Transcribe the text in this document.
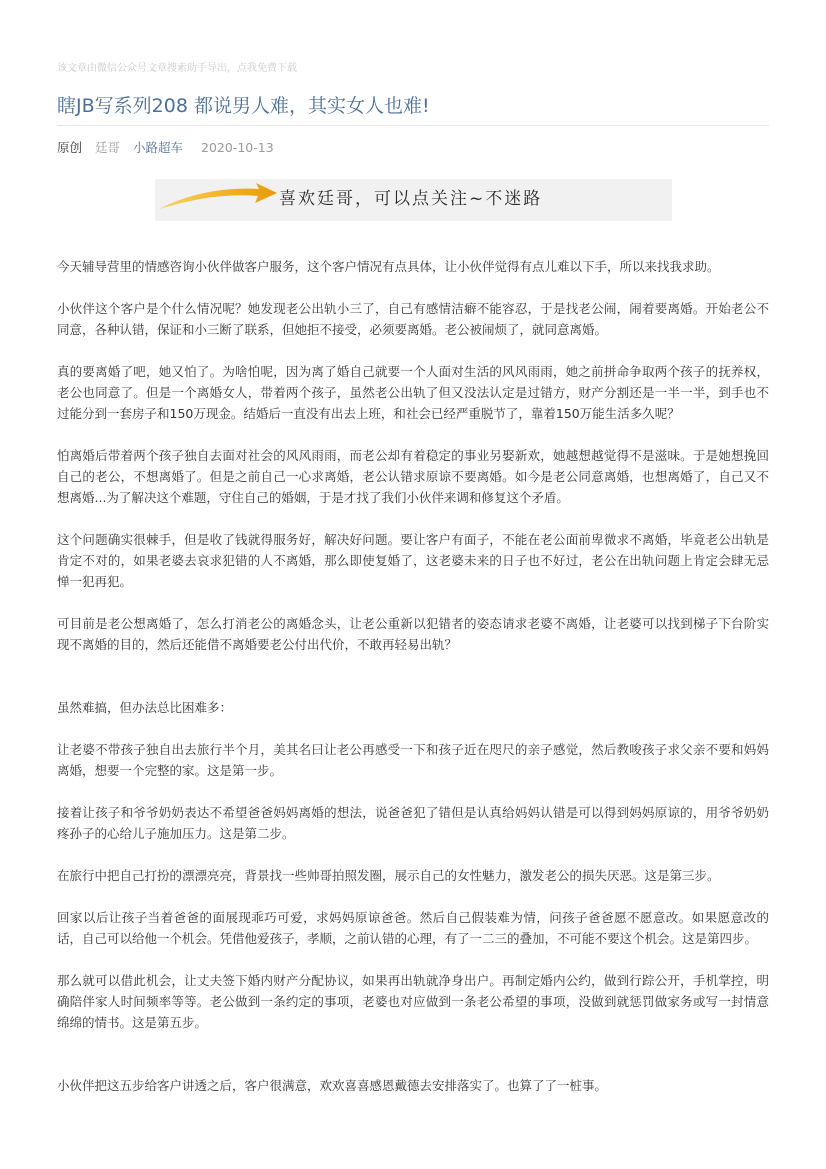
该文章由微信公众号文章搜索助手导出，点我免费下载
瞎JB写系列208 都说男人难，其实女人也难!
原创 廷哥 小路超车 2020-10-13
喜欢廷哥，可以点关注~不迷路

今天辅导营里的情感咨询小伙伴做客户服务，这个客户情况有点具体，让小伙伴觉得有点儿难以下手，所以来找我求助。

小伙伴这个客户是个什么情况呢？她发现老公出轨小三了，自己有感情洁癖不能容忍，于是找老公闹，闹着要离婚。开始老公不同意，各种认错，保证和小三断了联系，但她拒不接受，必须要离婚。老公被闹烦了，就同意离婚。

真的要离婚了吧，她又怕了。为啥怕呢，因为离了婚自己就要一个人面对生活的风风雨雨，她之前拼命争取两个孩子的抚养权，老公也同意了。但是一个离婚女人，带着两个孩子，虽然老公出轨了但又没法认定是过错方，财产分割还是一半一半，到手也不过能分到一套房子和150万现金。结婚后一直没有出去上班，和社会已经严重脱节了，靠着150万能生活多久呢？

怕离婚后带着两个孩子独自去面对社会的风风雨雨，而老公却有着稳定的事业另娶新欢，她越想越觉得不是滋味。于是她想挽回自己的老公，不想离婚了。但是之前自己一心求离婚，老公认错求原谅不要离婚。如今是老公同意离婚，也想离婚了，自己又不想离婚...为了解决这个难题，守住自己的婚姻，于是才找了我们小伙伴来调和修复这个矛盾。

这个问题确实很棘手，但是收了钱就得服务好，解决好问题。要让客户有面子，不能在老公面前卑微求不离婚，毕竟老公出轨是肯定不对的，如果老婆去哀求犯错的人不离婚，那么即使复婚了，这老婆未来的日子也不好过，老公在出轨问题上肯定会肆无忌惮一犯再犯。

可目前是老公想离婚了，怎么打消老公的离婚念头，让老公重新以犯错者的姿态请求老婆不离婚，让老婆可以找到梯子下台阶实现不离婚的目的，然后还能借不离婚要老公付出代价，不敢再轻易出轨？

虽然难搞，但办法总比困难多：

让老婆不带孩子独自出去旅行半个月，美其名曰让老公再感受一下和孩子近在咫尺的亲子感觉，然后教唆孩子求父亲不要和妈妈离婚，想要一个完整的家。这是第一步。

接着让孩子和爷爷奶奶表达不希望爸爸妈妈离婚的想法，说爸爸犯了错但是认真给妈妈认错是可以得到妈妈原谅的，用爷爷奶奶疼孙子的心给儿子施加压力。这是第二步。

在旅行中把自己打扮的漂漂亮亮，背景找一些帅哥拍照发圈，展示自己的女性魅力，激发老公的损失厌恶。这是第三步。

回家以后让孩子当着爸爸的面展现乖巧可爱，求妈妈原谅爸爸。然后自己假装难为情，问孩子爸爸愿不愿意改。如果愿意改的话，自己可以给他一个机会。凭借他爱孩子，孝顺，之前认错的心理，有了一二三的叠加，不可能不要这个机会。这是第四步。

那么就可以借此机会，让丈夫签下婚内财产分配协议，如果再出轨就净身出户。再制定婚内公约，做到行踪公开，手机掌控，明确陪伴家人时间频率等等。老公做到一条约定的事项，老婆也对应做到一条老公希望的事项，没做到就惩罚做家务或写一封情意绵绵的情书。这是第五步。

小伙伴把这五步给客户讲透之后，客户很满意，欢欢喜喜感恩戴德去安排落实了。也算了了一桩事。
